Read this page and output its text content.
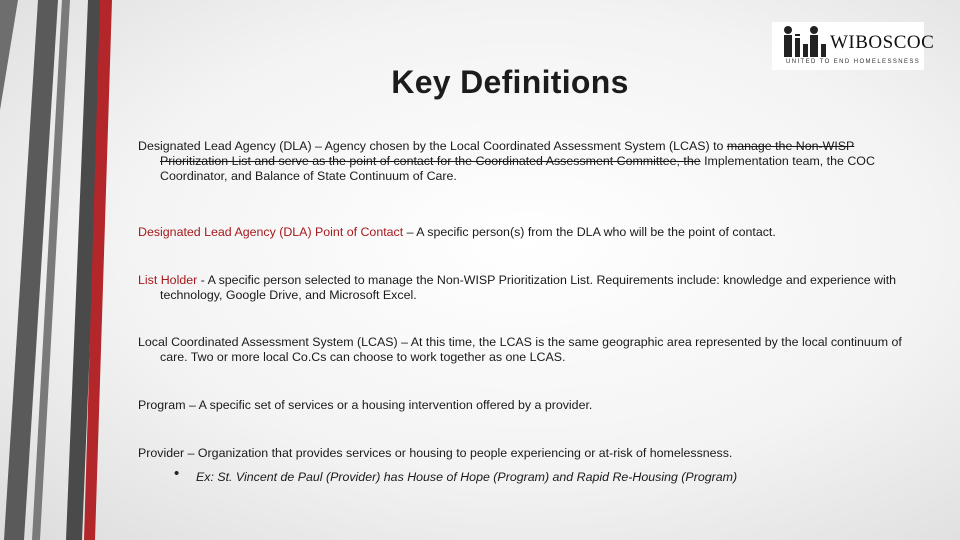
WIBOSCOC
UNITED TO END HOMELESSNESS
Key Definitions
Designated Lead Agency (DLA) – Agency chosen by the Local Coordinated Assessment System (LCAS) to manage the Non-WISP Prioritization List and serve as the point of contact for the Coordinated Assessment Committee, the Implementation team, the COC Coordinator, and Balance of State Continuum of Care.
Designated Lead Agency (DLA) Point of Contact – A specific person(s) from the DLA who will be the point of contact.
List Holder - A specific person selected to manage the Non-WISP Prioritization List. Requirements include: knowledge and experience with technology, Google Drive, and Microsoft Excel.
Local Coordinated Assessment System (LCAS) – At this time, the LCAS is the same geographic area represented by the local continuum of care. Two or more local Co.Cs can choose to work together as one LCAS.
Program – A specific set of services or a housing intervention offered by a provider.
Provider – Organization that provides services or housing to people experiencing or at-risk of homelessness.
• Ex: St. Vincent de Paul (Provider) has House of Hope (Program) and Rapid Re-Housing (Program)
